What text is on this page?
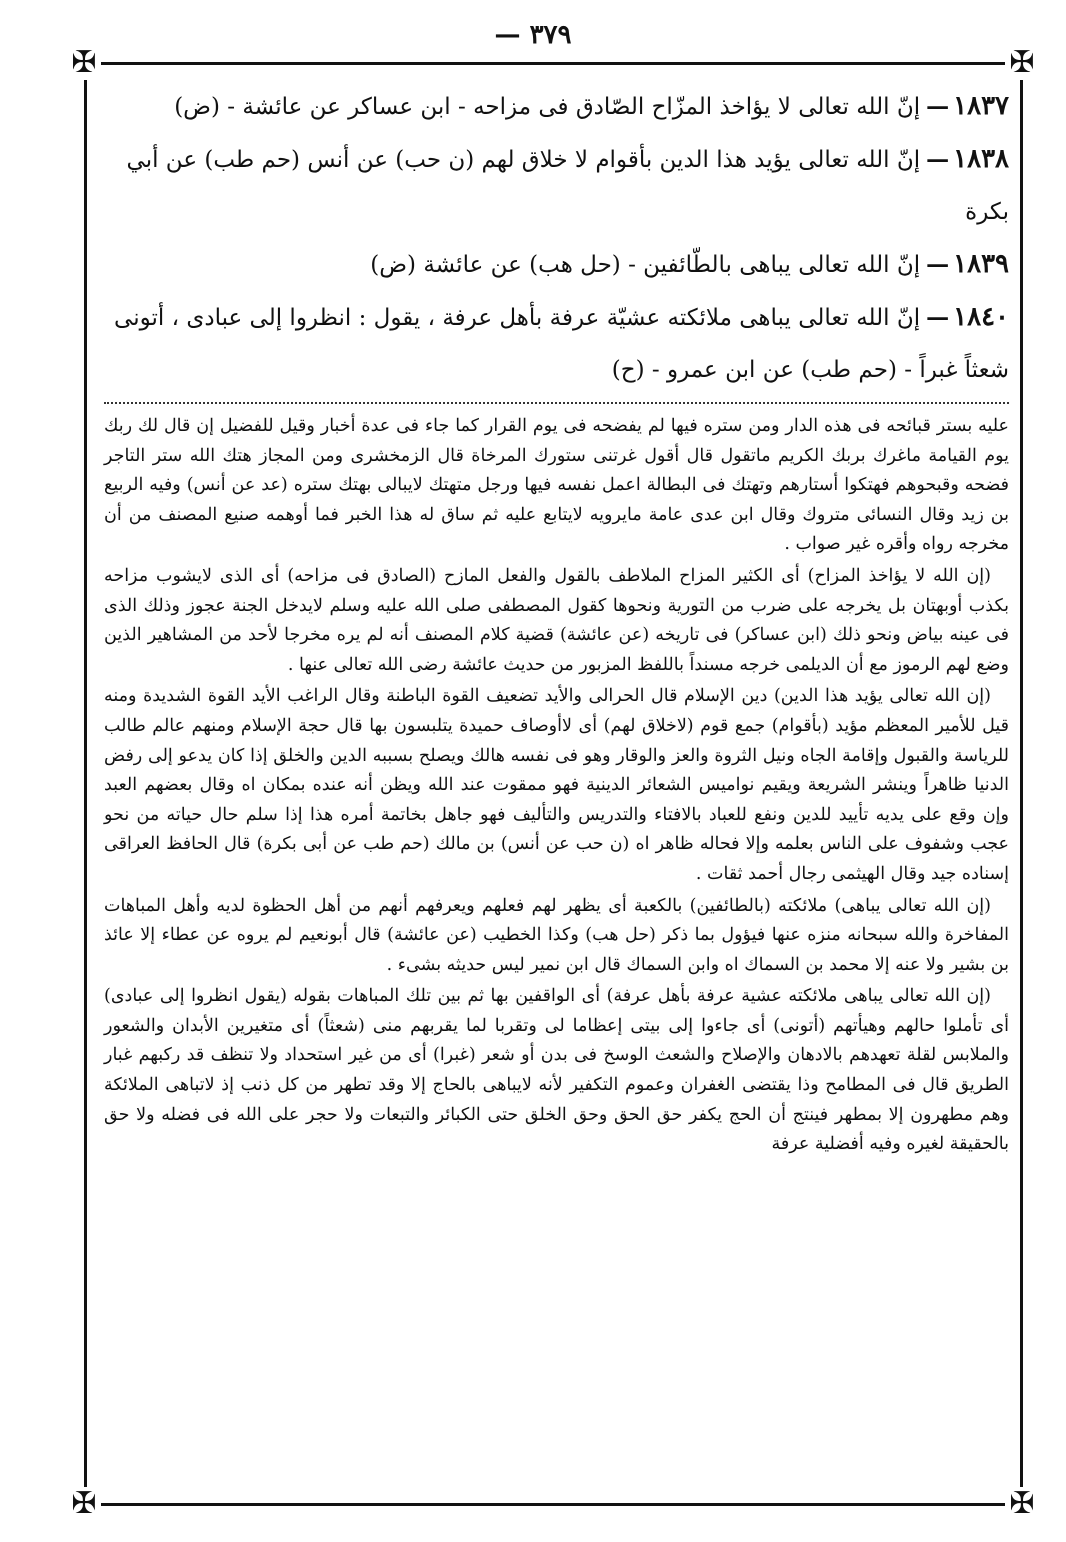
— ٣٧٩
✠
✠
✠
✠
١٨٣٧—إنّ الله تعالى لا يؤاخذ المزّاح الصّادق فى مزاحه - ابن عساكر عن عائشة - (ض)
١٨٣٨—إنّ الله تعالى يؤيد هذا الدين بأقوام لا خلاق لهم (ن حب) عن أنس (حم طب) عن أبي بكرة
١٨٣٩—إنّ الله تعالى يباهى بالطّائفين - (حل هب) عن عائشة (ض)
١٨٤٠—إنّ الله تعالى يباهى ملائكته عشيّة عرفة بأهل عرفة ، يقول : انظروا إلى عبادى ، أتونى شعثاً غبراً - (حم طب) عن ابن عمرو - (ح)

عليه بستر قبائحه فى هذه الدار ومن ستره فيها لم يفضحه فى يوم القرار كما جاء فى عدة أخبار وقيل للفضيل إن قال لك ربك يوم القيامة ماغرك بربك الكريم ماتقول قال أقول غرتنى ستورك المرخاة قال الزمخشرى ومن المجاز هتك الله ستر التاجر فضحه وقبحوهم فهتكوا أستارهم وتهتك فى البطالة اعمل نفسه فيها ورجل متهتك لايبالى بهتك ستره (عد عن أنس) وفيه الربيع بن زيد وقال النسائى متروك وقال ابن عدى عامة مايرويه لايتابع عليه ثم ساق له هذا الخبر فما أوهمه صنيع المصنف من أن مخرجه رواه وأقره غير صواب .

(إن الله لا يؤاخذ المزاح) أى الكثير المزاح الملاطف بالقول والفعل المازح (الصادق فى مزاحه) أى الذى لايشوب مزاحه بكذب أوبهتان بل يخرجه على ضرب من التورية ونحوها كقول المصطفى صلى الله عليه وسلم لايدخل الجنة عجوز وذلك الذى فى عينه بياض ونحو ذلك (ابن عساكر) فى تاريخه (عن عائشة) قضية كلام المصنف أنه لم يره مخرجا لأحد من المشاهير الذين وضع لهم الرموز مع أن الديلمى خرجه مسنداً باللفظ المزبور من حديث عائشة رضى الله تعالى عنها .

(إن الله تعالى يؤيد هذا الدين) دين الإسلام قال الحرالى والأيد تضعيف القوة الباطنة وقال الراغب الأيد القوة الشديدة ومنه قيل للأمير المعظم مؤيد (بأقوام) جمع قوم (لاخلاق لهم) أى لاأوصاف حميدة يتلبسون بها قال حجة الإسلام ومنهم عالم طالب للرياسة والقبول وإقامة الجاه ونيل الثروة والعز والوقار وهو فى نفسه هالك ويصلح بسببه الدين والخلق إذا كان يدعو إلى رفض الدنيا ظاهراً وينشر الشريعة ويقيم نواميس الشعائر الدينية فهو ممقوت عند الله ويظن أنه عنده بمكان اه وقال بعضهم العبد وإن وقع على يديه تأييد للدين ونفع للعباد بالافتاء والتدريس والتأليف فهو جاهل بخاتمة أمره هذا إذا سلم حال حياته من نحو عجب وشفوف على الناس بعلمه وإلا فحاله ظاهر اه (ن حب عن أنس) بن مالك (حم طب عن أبى بكرة) قال الحافظ العراقى إسناده جيد وقال الهيثمى رجال أحمد ثقات .

(إن الله تعالى يباهى) ملائكته (بالطائفين) بالكعبة أى يظهر لهم فعلهم ويعرفهم أنهم من أهل الحظوة لديه وأهل المباهات المفاخرة والله سبحانه منزه عنها فيؤول بما ذكر (حل هب) وكذا الخطيب (عن عائشة) قال أبونعيم لم يروه عن عطاء إلا عائذ بن بشير ولا عنه إلا محمد بن السماك اه وابن السماك قال ابن نمير ليس حديثه بشىء .

(إن الله تعالى يباهى ملائكته عشية عرفة بأهل عرفة) أى الواقفين بها ثم بين تلك المباهات بقوله (يقول انظروا إلى عبادى) أى تأملوا حالهم وهيأتهم (أتونى) أى جاءوا إلى بيتى إعظاما لى وتقربا لما يقربهم منى (شعثاً) أى متغيرين الأبدان والشعور والملابس لقلة تعهدهم بالادهان والإصلاح والشعث الوسخ فى بدن أو شعر (غبرا) أى من غير استحداد ولا تنظف قد ركبهم غبار الطريق قال فى المطامح وذا يقتضى الغفران وعموم التكفير لأنه لايباهى بالحاج إلا وقد تطهر من كل ذنب إذ لاتباهى الملائكة وهم مطهرون إلا بمطهر فينتج أن الحج يكفر حق الحق وحق الخلق حتى الكبائر والتبعات ولا حجر على الله فى فضله ولا حق بالحقيقة لغيره وفيه أفضلية عرفة
